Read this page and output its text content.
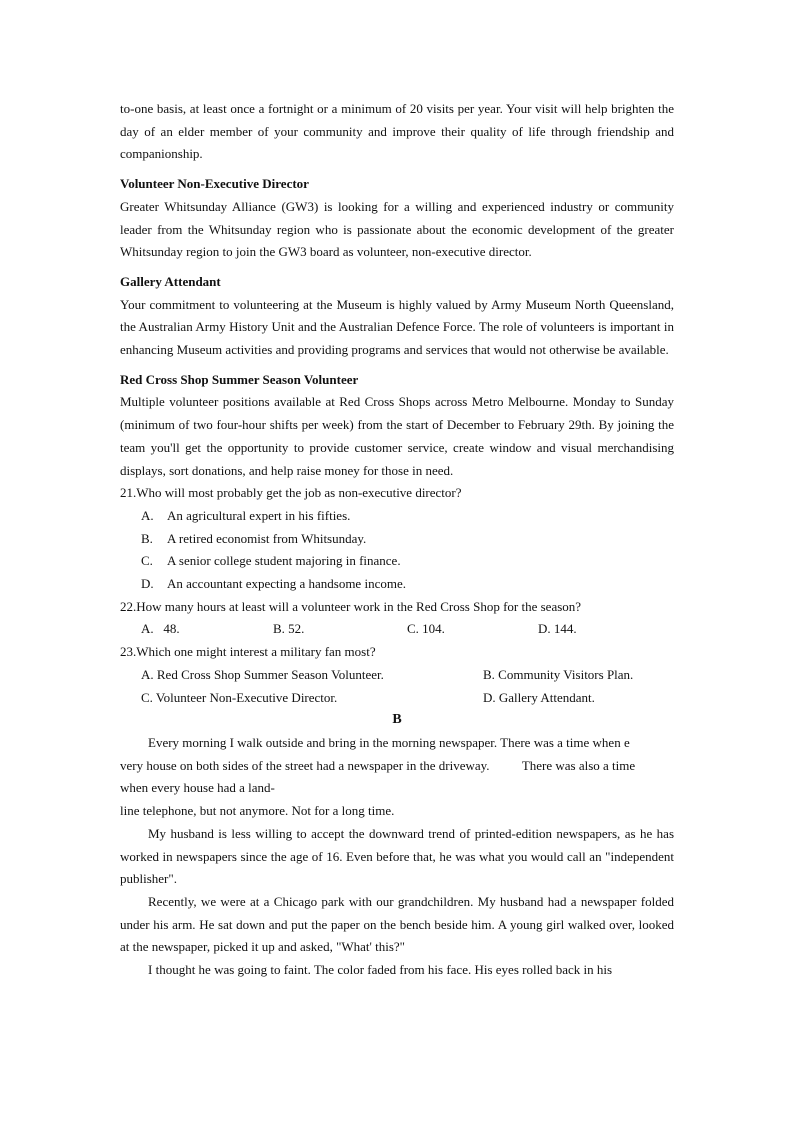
to-one basis, at least once a fortnight or a minimum of 20 visits per year. Your visit will help brighten the day of an elder member of your community and improve their quality of life through friendship and companionship.

Volunteer Non-Executive Director

Greater Whitsunday Alliance (GW3) is looking for a willing and experienced industry or community leader from the Whitsunday region who is passionate about the economic development of the greater Whitsunday region to join the GW3 board as volunteer, non-executive director.

Gallery Attendant

Your commitment to volunteering at the Museum is highly valued by Army Museum North Queensland, the Australian Army History Unit and the Australian Defence Force. The role of volunteers is important in enhancing Museum activities and providing programs and services that would not otherwise be available.

Red Cross Shop Summer Season Volunteer

Multiple volunteer positions available at Red Cross Shops across Metro Melbourne. Monday to Sunday (minimum of two four-hour shifts per week) from the start of December to February 29th. By joining the team you'll get the opportunity to provide customer service, create window and visual merchandising displays, sort donations, and help raise money for those in need.

21.Who will most probably get the job as non-executive director?

A.	An agricultural expert in his fifties.
B.	A retired economist from Whitsunday.
C.	A senior college student majoring in finance.
D.	An accountant expecting a handsome income.

22.How many hours at least will a volunteer work in the Red Cross Shop for the season?

A.   48.	B. 52.	C. 104.	D. 144.

23.Which one might interest a military fan most?

A. Red Cross Shop Summer Season Volunteer.	B. Community Visitors Plan.
C. Volunteer Non-Executive Director.	D. Gallery Attendant.

B

Every morning I walk outside and bring in the morning newspaper. There was a time when e

very house on both sides of the street had a newspaper in the driveway.          There was also a time

when every house had a land-

line telephone, but not anymore. Not for a long time.

My husband is less willing to accept the downward trend of printed-edition newspapers, as he has worked in newspapers since the age of 16. Even before that, he was what you would call an "independent publisher".

Recently, we were at a Chicago park with our grandchildren. My husband had a newspaper folded under his arm. He sat down and put the paper on the bench beside him. A young girl walked over, looked at the newspaper, picked it up and asked, "What' this?"

I thought he was going to faint. The color faded from his face. His eyes rolled back in his
